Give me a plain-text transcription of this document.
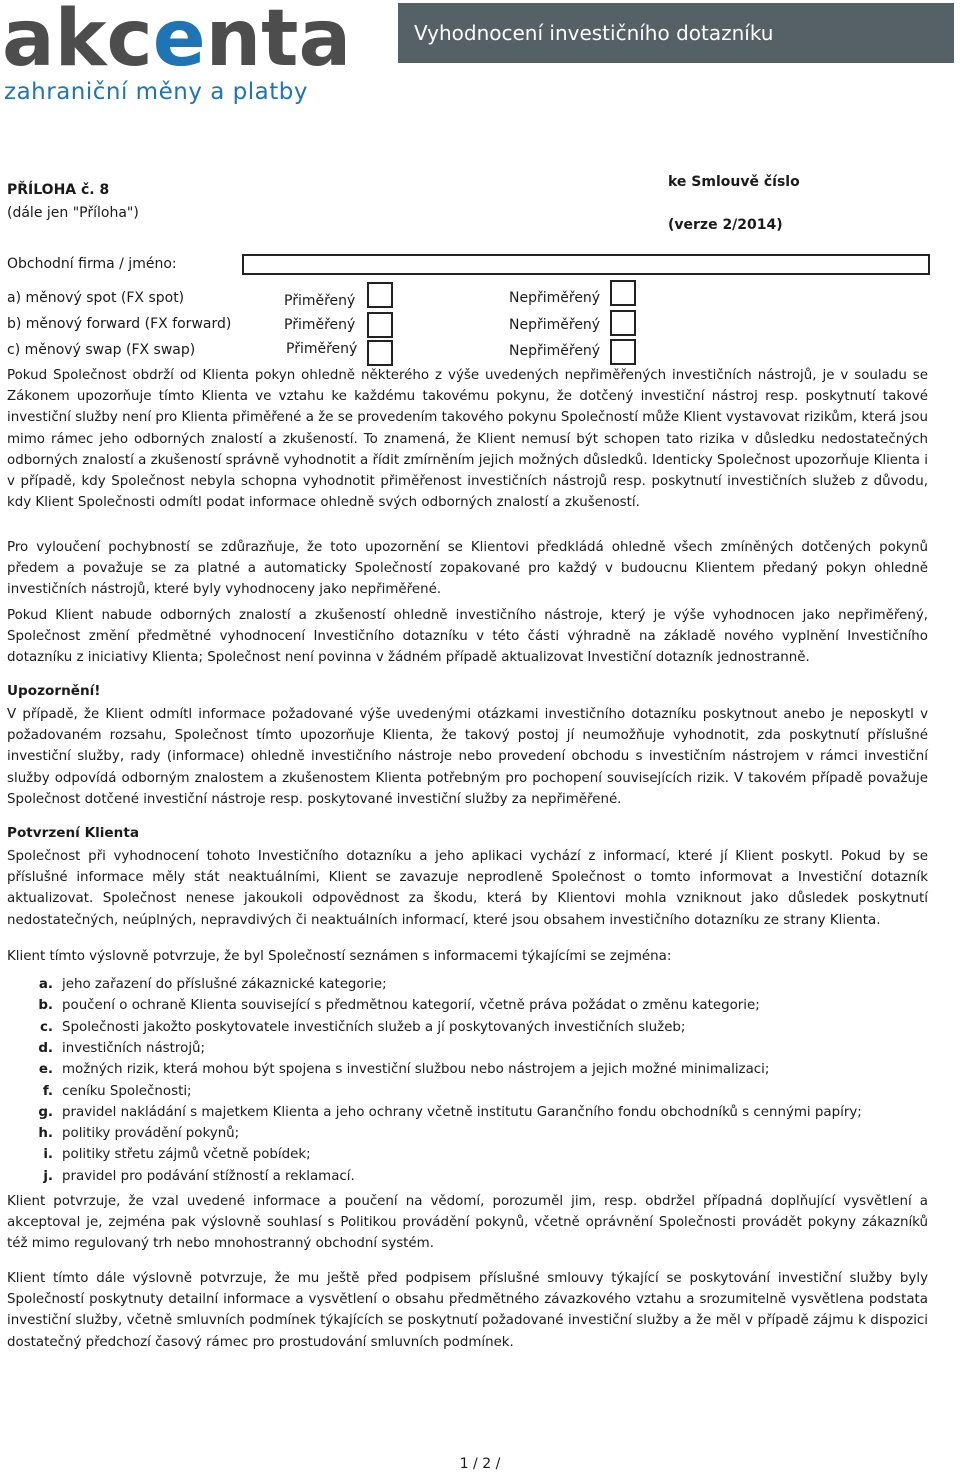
akcenta
zahraniční měny a platby
Vyhodnocení investičního dotazníku
PŘÍLOHA č. 8
(dále jen "Příloha")
ke Smlouvě číslo
(verze 2/2014)
Obchodní firma / jméno:
a) měnový spot (FX spot)	Přiměřený	Nepřiměřený
b) měnový forward (FX forward)	Přiměřený	Nepřiměřený
c) měnový swap (FX swap)	Přiměřený	Nepřiměřený

Pokud Společnost obdrží od Klienta pokyn ohledně některého z výše uvedených nepřiměřených investičních nástrojů, je v souladu se Zákonem upozorňuje tímto Klienta ve vztahu ke každému takovému pokynu, že dotčený investiční nástroj resp. poskytnutí takové investiční služby není pro Klienta přiměřené a že se provedením takového pokynu Společností může Klient vystavovat rizikům, která jsou mimo rámec jeho odborných znalostí a zkušeností. To znamená, že Klient nemusí být schopen tato rizika v důsledku nedostatečných odborných znalostí a zkušeností správně vyhodnotit a řídit zmírněním jejich možných důsledků. Identicky Společnost upozorňuje Klienta i v případě, kdy Společnost nebyla schopna vyhodnotit přiměřenost investičních nástrojů resp. poskytnutí investičních služeb z důvodu, kdy Klient Společnosti odmítl podat informace ohledně svých odborných znalostí a zkušeností.

Pro vyloučení pochybností se zdůrazňuje, že toto upozornění se Klientovi předkládá ohledně všech zmíněných dotčených pokynů předem a považuje se za platné a automaticky Společností zopakované pro každý v budoucnu Klientem předaný pokyn ohledně investičních nástrojů, které byly vyhodnoceny jako nepřiměřené.

Pokud Klient nabude odborných znalostí a zkušeností ohledně investičního nástroje, který je výše vyhodnocen jako nepřiměřený, Společnost změní předmětné vyhodnocení Investičního dotazníku v této části výhradně na základě nového vyplnění Investičního dotazníku z iniciativy Klienta; Společnost není povinna v žádném případě aktualizovat Investiční dotazník jednostranně.

Upozornění!

V případě, že Klient odmítl informace požadované výše uvedenými otázkami investičního dotazníku poskytnout anebo je neposkytl v požadovaném rozsahu, Společnost tímto upozorňuje Klienta, že takový postoj jí neumožňuje vyhodnotit, zda poskytnutí příslušné investiční služby, rady (informace) ohledně investičního nástroje nebo provedení obchodu s investičním nástrojem v rámci investiční služby odpovídá odborným znalostem a zkušenostem Klienta potřebným pro pochopení souvisejících rizik. V takovém případě považuje Společnost dotčené investiční nástroje resp. poskytované investiční služby za nepřiměřené.

Potvrzení Klienta

Společnost při vyhodnocení tohoto Investičního dotazníku a jeho aplikaci vychází z informací, které jí Klient poskytl. Pokud by se příslušné informace měly stát neaktuálními, Klient se zavazuje neprodleně Společnost o tomto informovat a Investiční dotazník aktualizovat. Společnost nenese jakoukoli odpovědnost za škodu, která by Klientovi mohla vzniknout jako důsledek poskytnutí nedostatečných, neúplných, nepravdivých či neaktuálních informací, které jsou obsahem investičního dotazníku ze strany Klienta.

Klient tímto výslovně potvrzuje, že byl Společností seznámen s informacemi týkajícími se zejména:

a. jeho zařazení do příslušné zákaznické kategorie;
b. poučení o ochraně Klienta související s předmětnou kategorií, včetně práva požádat o změnu kategorie;
c. Společnosti jakožto poskytovatele investičních služeb a jí poskytovaných investičních služeb;
d. investičních nástrojů;
e. možných rizik, která mohou být spojena s investiční službou nebo nástrojem a jejich možné minimalizaci;
f. ceníku Společnosti;
g. pravidel nakládání s majetkem Klienta a jeho ochrany včetně institutu Garančního fondu obchodníků s cennými papíry;
h. politiky provádění pokynů;
i. politiky střetu zájmů včetně pobídek;
j. pravidel pro podávání stížností a reklamací.

Klient potvrzuje, že vzal uvedené informace a poučení na vědomí, porozuměl jim, resp. obdržel případná doplňující vysvětlení a akceptoval je, zejména pak výslovně souhlasí s Politikou provádění pokynů, včetně oprávnění Společnosti provádět pokyny zákazníků též mimo regulovaný trh nebo mnohostranný obchodní systém.

Klient tímto dále výslovně potvrzuje, že mu ještě před podpisem příslušné smlouvy týkající se poskytování investiční služby byly Společností poskytnuty detailní informace a vysvětlení o obsahu předmětného závazkového vztahu a srozumitelně vysvětlena podstata investiční služby, včetně smluvních podmínek týkajících se poskytnutí požadované investiční služby a že měl v případě zájmu k dispozici dostatečný předchozí časový rámec pro prostudování smluvních podmínek.

1 / 2 /
